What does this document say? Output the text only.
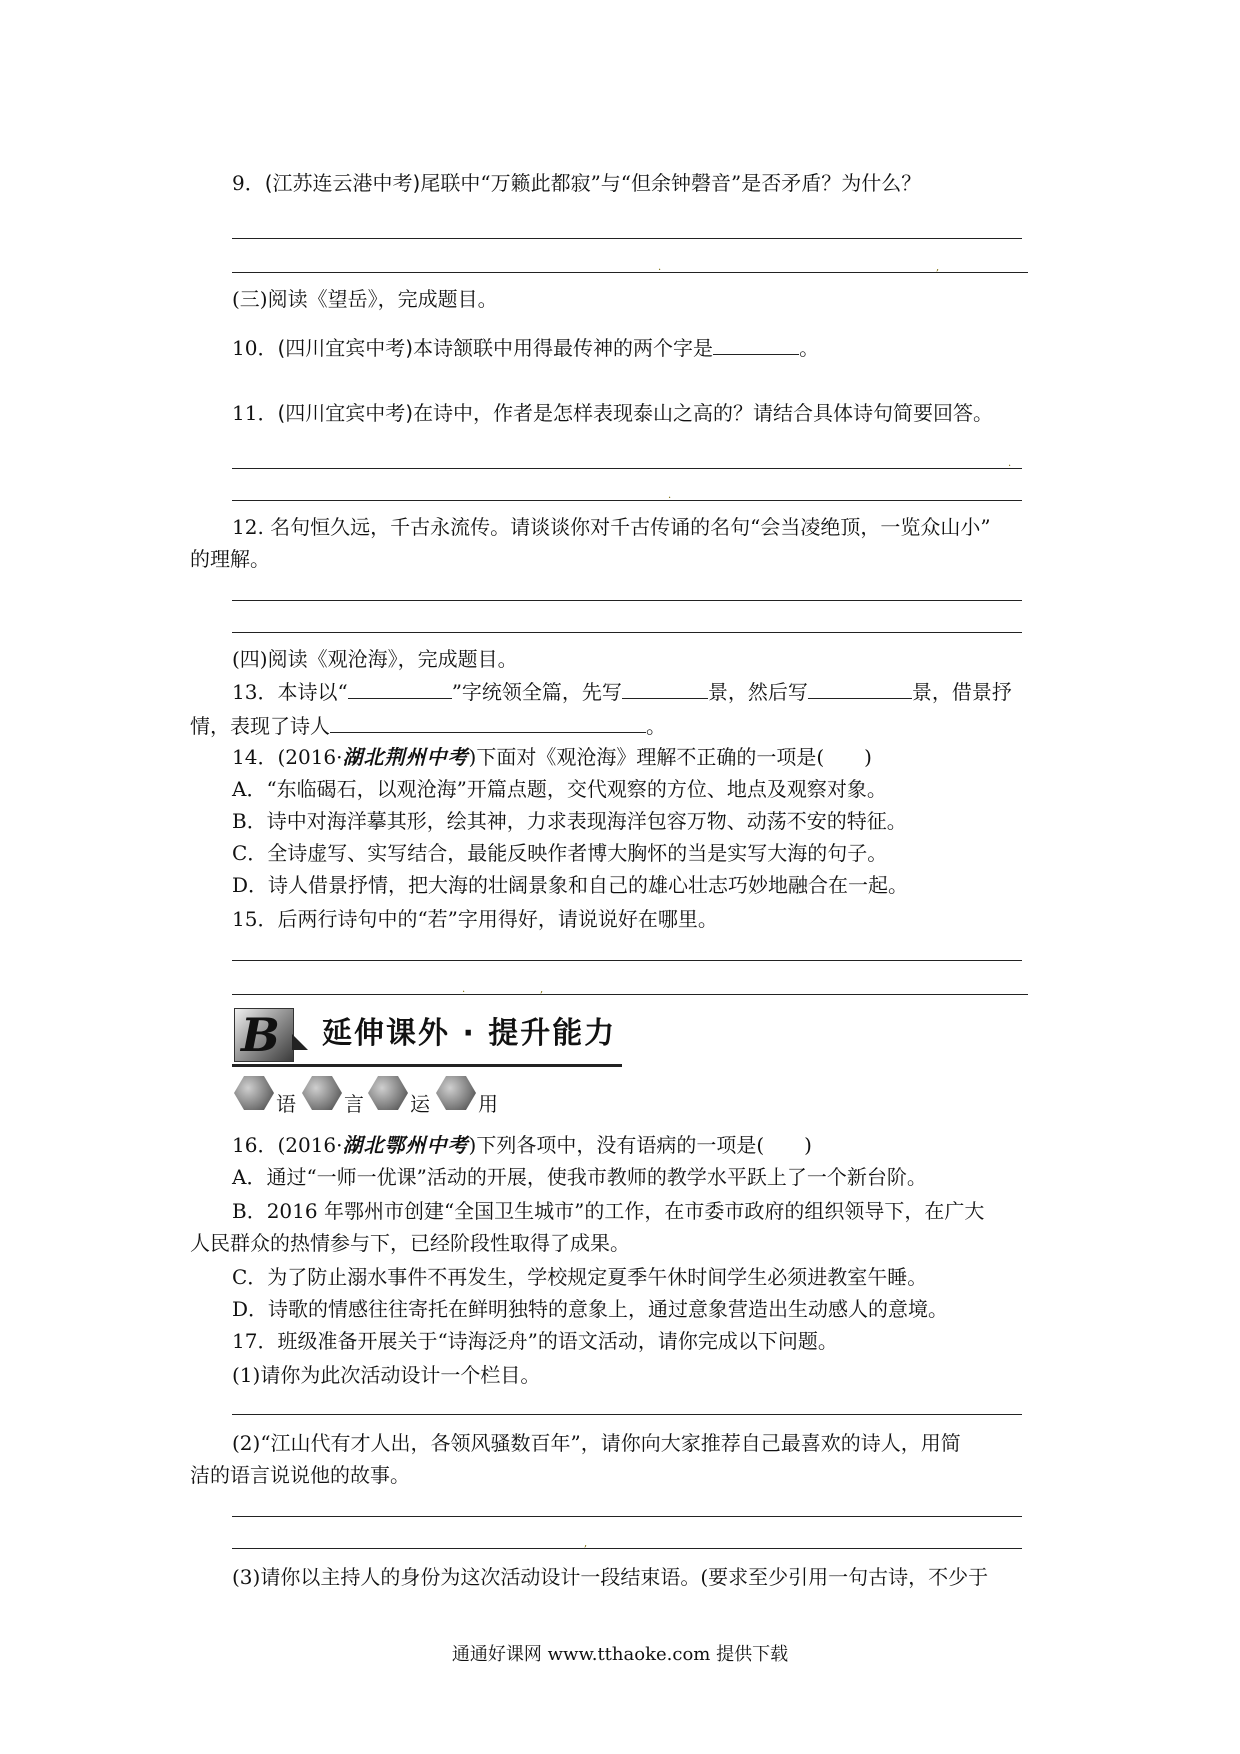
9．(江苏连云港中考)尾联中“万籁此都寂”与“但余钟磬音”是否矛盾？为什么？
.	,
(三)阅读《望岳》，完成题目。
10．(四川宜宾中考)本诗颔联中用得最传神的两个字是	。
11．(四川宜宾中考)在诗中，作者是怎样表现泰山之高的？请结合具体诗句简要回答。
.
.
12. 名句恒久远，千古永流传。请谈谈你对千古传诵的名句“会当凌绝顶，一览众山小”
的理解。
(四)阅读《观沧海》，完成题目。
13．本诗以“	”字统领全篇，先写	景，然后写	景，借景抒
情，表现了诗人	。
14．(2016·湖北荆州中考)下面对《观沧海》理解不正确的一项是( )
A．“东临碣石，以观沧海”开篇点题，交代观察的方位、地点及观察对象。
B．诗中对海洋摹其形，绘其神，力求表现海洋包容万物、动荡不安的特征。
C．全诗虚写、实写结合，最能反映作者博大胸怀的当是实写大海的句子。
D．诗人借景抒情，把大海的壮阔景象和自己的雄心壮志巧妙地融合在一起。
15．后两行诗句中的“若”字用得好，请说说好在哪里。
.	,
B 延伸课外 · 提升能力
语 言 运 用
16．(2016·湖北鄂州中考)下列各项中，没有语病的一项是( )
A．通过“一师一优课”活动的开展，使我市教师的教学水平跃上了一个新台阶。
B．2016 年鄂州市创建“全国卫生城市”的工作，在市委市政府的组织领导下，在广大
人民群众的热情参与下，已经阶段性取得了成果。
C．为了防止溺水事件不再发生，学校规定夏季午休时间学生必须进教室午睡。
D．诗歌的情感往往寄托在鲜明独特的意象上，通过意象营造出生动感人的意境。
17．班级准备开展关于“诗海泛舟”的语文活动，请你完成以下问题。
(1)请你为此次活动设计一个栏目。
(2)“江山代有才人出，各领风骚数百年”，请你向大家推荐自己最喜欢的诗人，用简
洁的语言说说他的故事。
,
(3)请你以主持人的身份为这次活动设计一段结束语。(要求至少引用一句古诗，不少于
通通好课网 www.tthaoke.com 提供下载
